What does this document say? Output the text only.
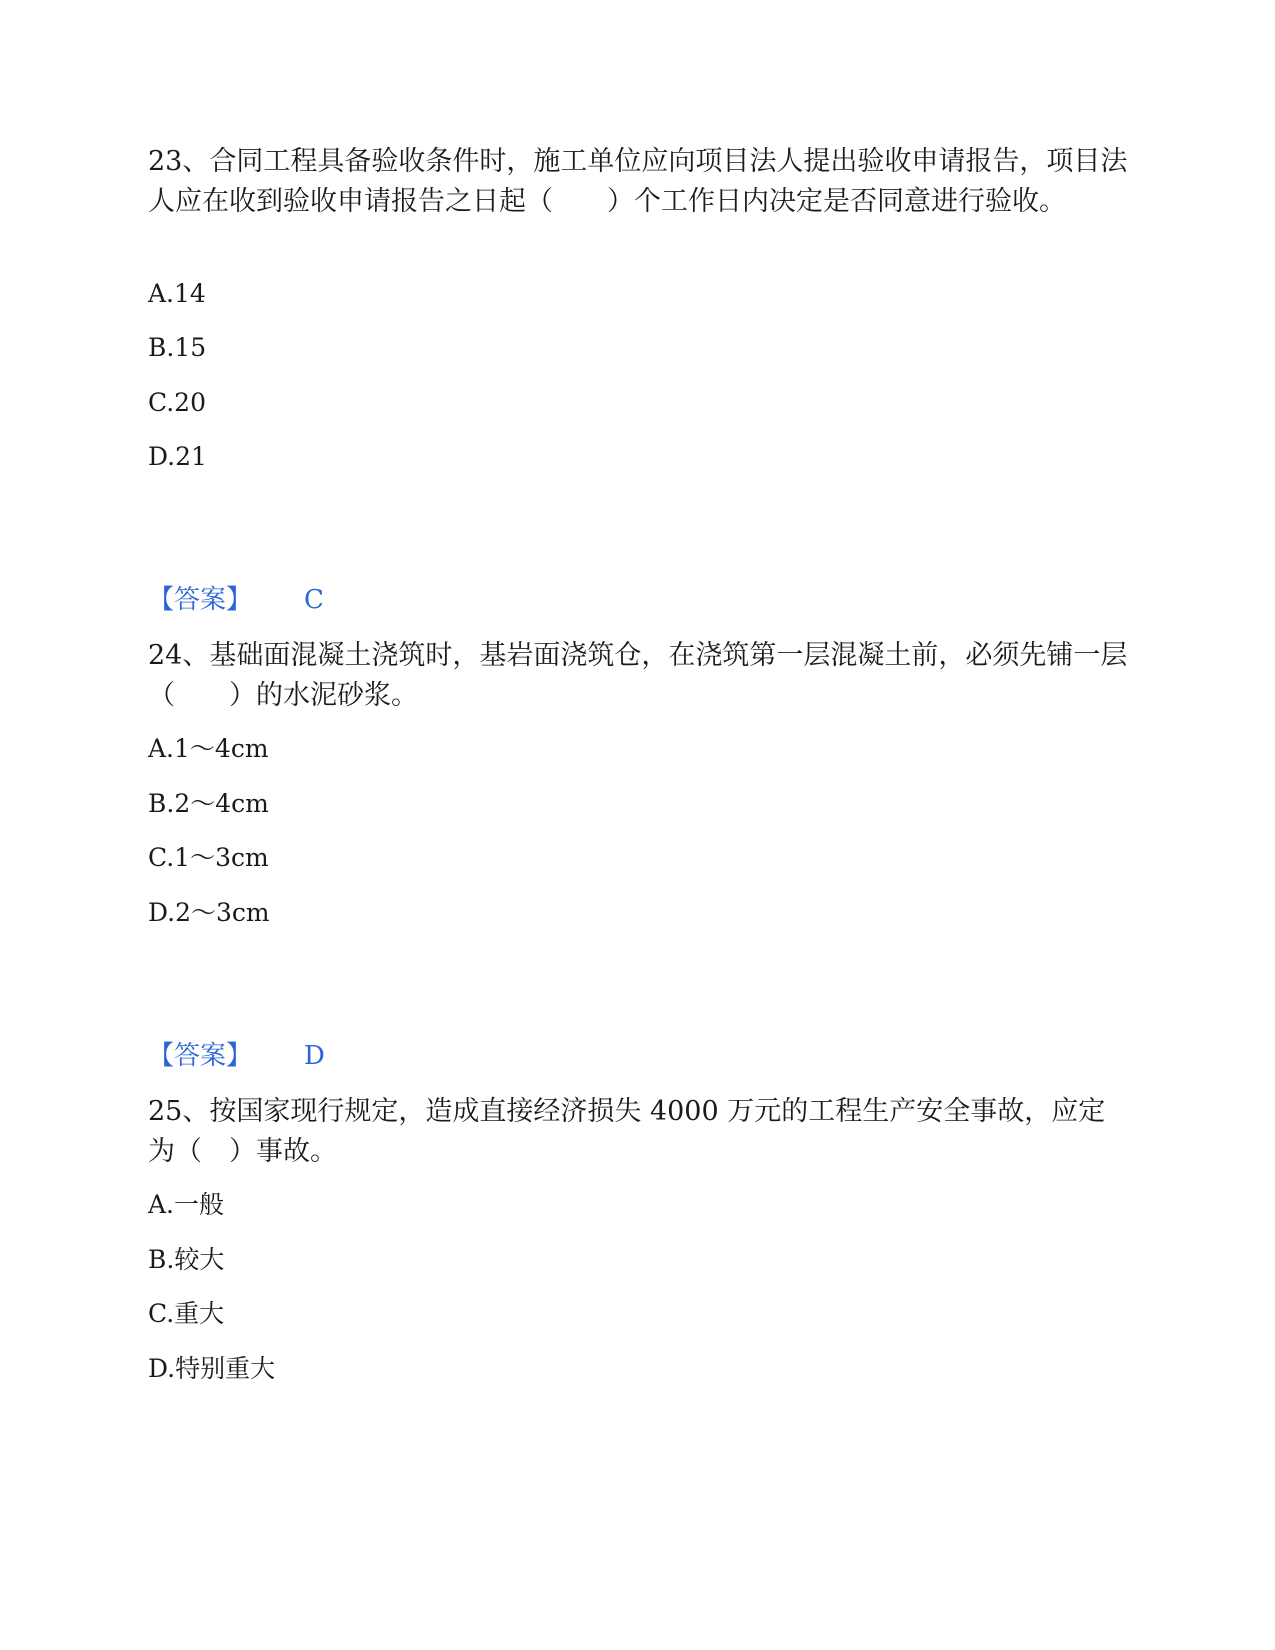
23、合同工程具备验收条件时，施工单位应向项目法人提出验收申请报告，项目法人应在收到验收申请报告之日起（　　）个工作日内决定是否同意进行验收。

A.14

B.15

C.20

D.21

【答案】 C

24、基础面混凝土浇筑时，基岩面浇筑仓，在浇筑第一层混凝土前，必须先铺一层（　　）的水泥砂浆。

A.1～4cm

B.2～4cm

C.1～3cm

D.2～3cm

【答案】 D

25、按国家现行规定，造成直接经济损失 4000 万元的工程生产安全事故，应定为（　）事故。

A.一般

B.较大

C.重大

D.特别重大
